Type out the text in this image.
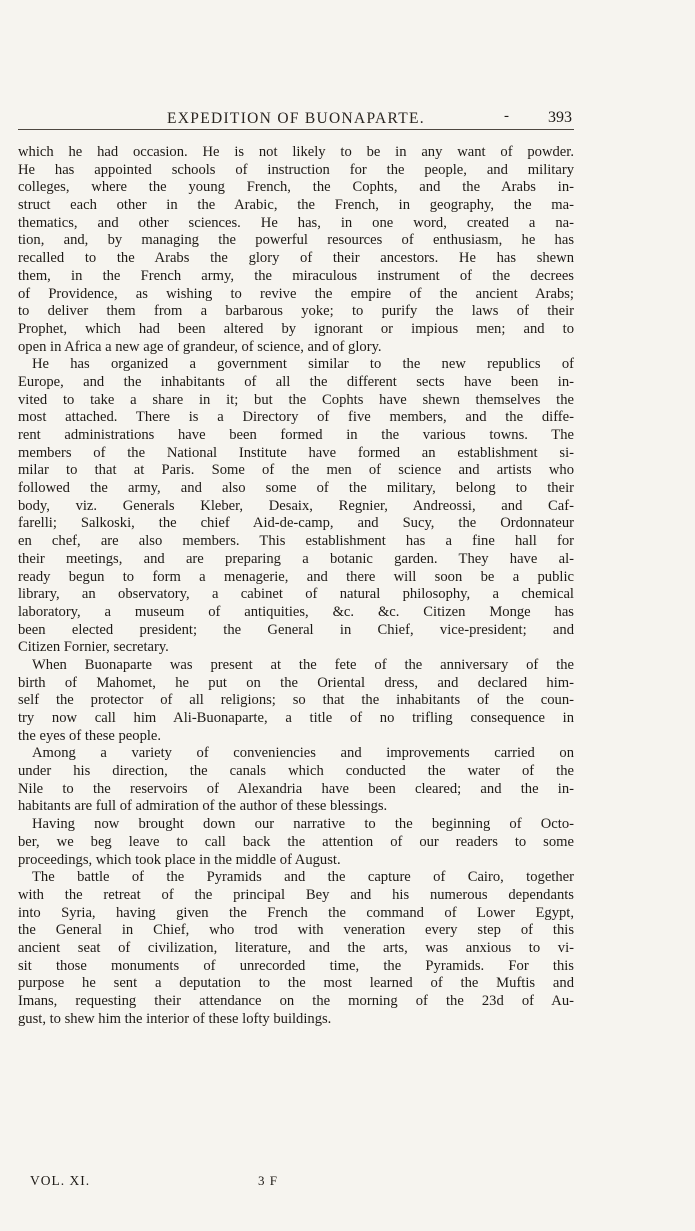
EXPEDITION OF BUONAPARTE.	- 393
which he had occasion. He is not likely to be in any want of powder.
He has appointed schools of instruction for the people, and military
colleges, where the young French, the Cophts, and the Arabs in-
struct each other in the Arabic, the French, in geography, the ma-
thematics, and other sciences. He has, in one word, created a na-
tion, and, by managing the powerful resources of enthusiasm, he has
recalled to the Arabs the glory of their ancestors. He has shewn
them, in the French army, the miraculous instrument of the decrees
of Providence, as wishing to revive the empire of the ancient Arabs;
to deliver them from a barbarous yoke; to purify the laws of their
Prophet, which had been altered by ignorant or impious men; and to
open in Africa a new age of grandeur, of science, and of glory.
He has organized a government similar to the new republics of
Europe, and the inhabitants of all the different sects have been in-
vited to take a share in it; but the Cophts have shewn themselves the
most attached. There is a Directory of five members, and the diffe-
rent administrations have been formed in the various towns. The
members of the National Institute have formed an establishment si-
milar to that at Paris. Some of the men of science and artists who
followed the army, and also some of the military, belong to their
body, viz. Generals Kleber, Desaix, Regnier, Andreossi, and Caf-
farelli; Salkoski, the chief Aid-de-camp, and Sucy, the Ordonnateur
en chef, are also members. This establishment has a fine hall for
their meetings, and are preparing a botanic garden. They have al-
ready begun to form a menagerie, and there will soon be a public
library, an observatory, a cabinet of natural philosophy, a chemical
laboratory, a museum of antiquities, &c. &c. Citizen Monge has
been elected president; the General in Chief, vice-president; and
Citizen Fornier, secretary.
When Buonaparte was present at the fete of the anniversary of the
birth of Mahomet, he put on the Oriental dress, and declared him-
self the protector of all religions; so that the inhabitants of the coun-
try now call him Ali-Buonaparte, a title of no trifling consequence in
the eyes of these people.
Among a variety of conveniencies and improvements carried on
under his direction, the canals which conducted the water of the
Nile to the reservoirs of Alexandria have been cleared; and the in-
habitants are full of admiration of the author of these blessings.
Having now brought down our narrative to the beginning of Octo-
ber, we beg leave to call back the attention of our readers to some
proceedings, which took place in the middle of August.
The battle of the Pyramids and the capture of Cairo, together
with the retreat of the principal Bey and his numerous dependants
into Syria, having given the French the command of Lower Egypt,
the General in Chief, who trod with veneration every step of this
ancient seat of civilization, literature, and the arts, was anxious to vi-
sit those monuments of unrecorded time, the Pyramids. For this
purpose he sent a deputation to the most learned of the Muftis and
Imans, requesting their attendance on the morning of the 23d of Au-
gust, to shew him the interior of these lofty buildings.
VOL. XI.	3 F
